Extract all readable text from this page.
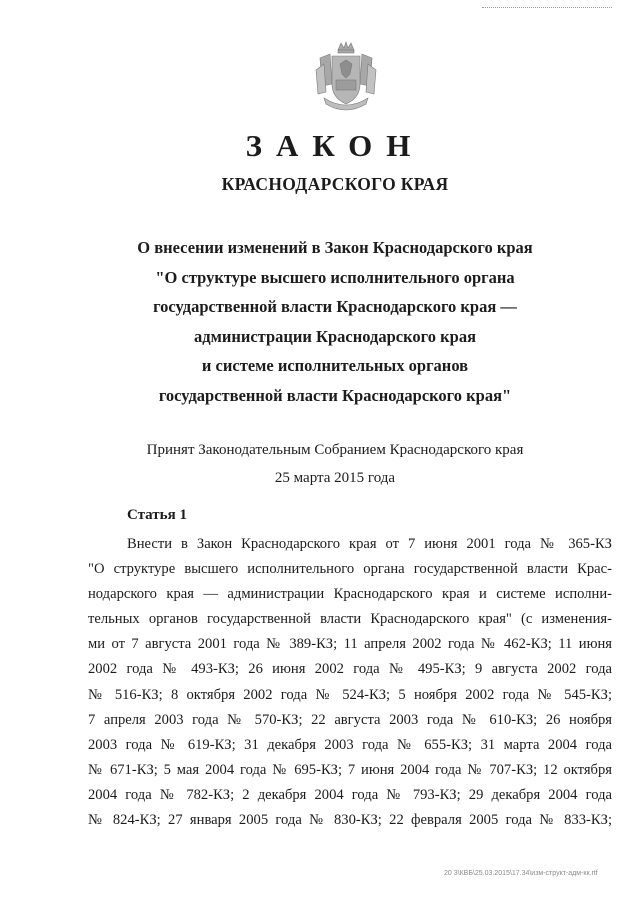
ЗАКОН
КРАСНОДАРСКОГО КРАЯ
О внесении изменений в Закон Краснодарского края
"О структуре высшего исполнительного органа
государственной власти Краснодарского края —
администрации Краснодарского края
и системе исполнительных органов
государственной власти Краснодарского края"
Принят Законодательным Собранием Краснодарского края
25 марта 2015 года
Статья 1
Внести в Закон Краснодарского края от 7 июня 2001 года № 365-КЗ
"О структуре высшего исполнительного органа государственной власти Крас-
нодарского края — администрации Краснодарского края и системе исполни-
тельных органов государственной власти Краснодарского края" (с изменения-
ми от 7 августа 2001 года № 389-КЗ; 11 апреля 2002 года № 462-КЗ; 11 июня
2002 года № 493-КЗ; 26 июня 2002 года № 495-КЗ; 9 августа 2002 года
№ 516-КЗ; 8 октября 2002 года № 524-КЗ; 5 ноября 2002 года № 545-КЗ;
7 апреля 2003 года № 570-КЗ; 22 августа 2003 года № 610-КЗ; 26 ноября
2003 года № 619-КЗ; 31 декабря 2003 года № 655-КЗ; 31 марта 2004 года
№ 671-КЗ; 5 мая 2004 года № 695-КЗ; 7 июня 2004 года № 707-КЗ; 12 октября
2004 года № 782-КЗ; 2 декабря 2004 года № 793-КЗ; 29 декабря 2004 года
№ 824-КЗ; 27 января 2005 года № 830-КЗ; 22 февраля 2005 года № 833-КЗ;
20 3\КВБ\25.03.2015\17.34\изм-структ-адм-кк.rtf
